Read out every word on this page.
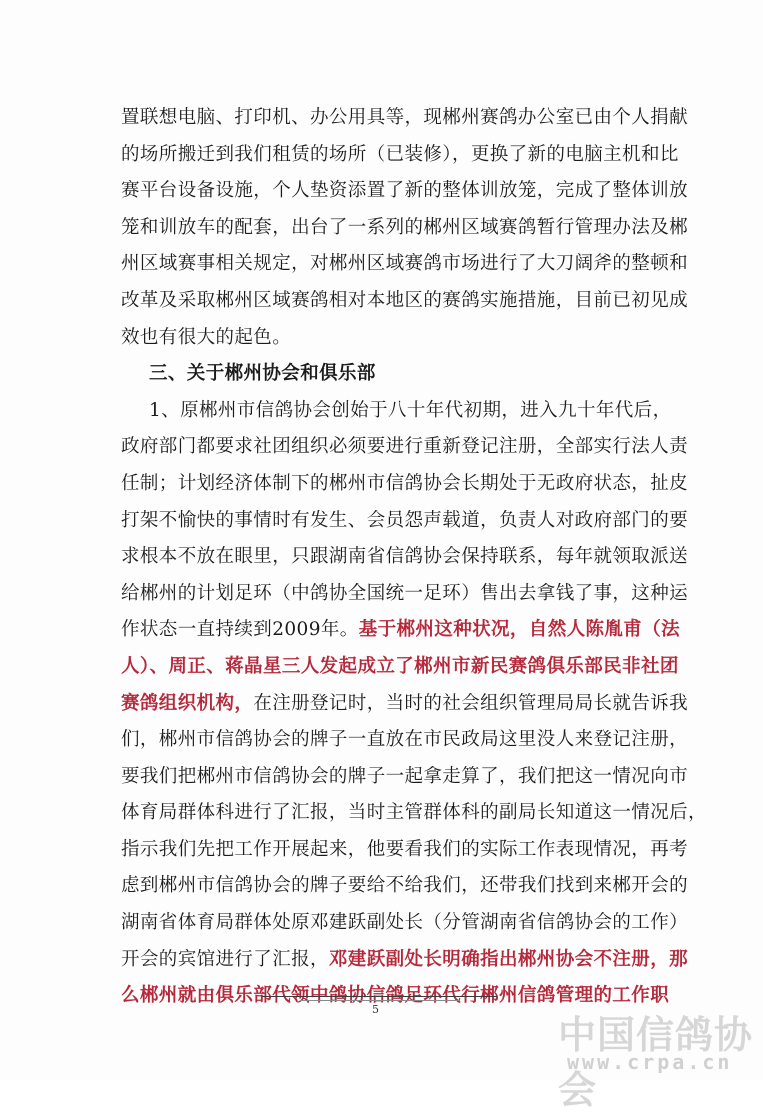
置联想电脑、打印机、办公用具等，现郴州赛鸽办公室已由个人捐献
的场所搬迁到我们租赁的场所（已装修），更换了新的电脑主机和比
赛平台设备设施，个人垫资添置了新的整体训放笼，完成了整体训放
笼和训放车的配套，出台了一系列的郴州区域赛鸽暂行管理办法及郴
州区域赛事相关规定，对郴州区域赛鸽市场进行了大刀阔斧的整顿和
改革及采取郴州区域赛鸽相对本地区的赛鸽实施措施，目前已初见成
效也有很大的起色。
三、关于郴州协会和俱乐部
1、原郴州市信鸽协会创始于八十年代初期，进入九十年代后，
政府部门都要求社团组织必须要进行重新登记注册，全部实行法人责
任制；计划经济体制下的郴州市信鸽协会长期处于无政府状态，扯皮
打架不愉快的事情时有发生、会员怨声载道，负责人对政府部门的要
求根本不放在眼里，只跟湖南省信鸽协会保持联系，每年就领取派送
给郴州的计划足环（中鸽协全国统一足环）售出去拿钱了事，这种运
作状态一直持续到2009年。基于郴州这种状况，自然人陈胤甫（法
人）、周正、蒋晶星三人发起成立了郴州市新民赛鸽俱乐部民非社团
赛鸽组织机构，在注册登记时，当时的社会组织管理局局长就告诉我
们，郴州市信鸽协会的牌子一直放在市民政局这里没人来登记注册，
要我们把郴州市信鸽协会的牌子一起拿走算了，我们把这一情况向市
体育局群体科进行了汇报，当时主管群体科的副局长知道这一情况后，
指示我们先把工作开展起来，他要看我们的实际工作表现情况，再考
虑到郴州市信鸽协会的牌子要给不给我们，还带我们找到来郴开会的
湖南省体育局群体处原邓建跃副处长（分管湖南省信鸽协会的工作）
开会的宾馆进行了汇报，邓建跃副处长明确指出郴州协会不注册，那
么郴州就由俱乐部代领中鸽协信鸽足环代行郴州信鸽管理的工作职
5
中国信鸽协会
www.crpa.cn
